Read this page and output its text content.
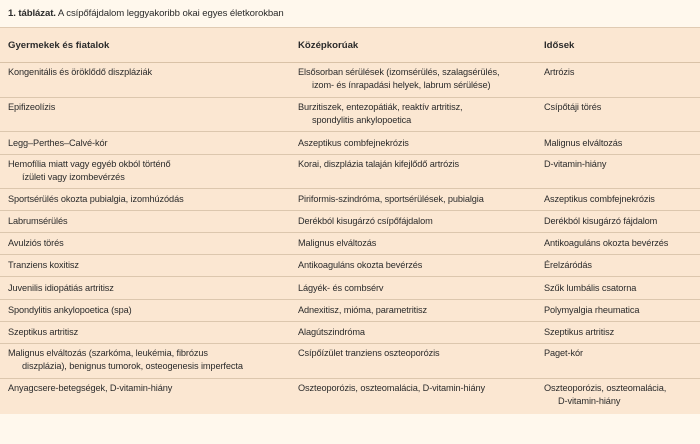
1. táblázat. A csípőfájdalom leggyakoribb okai egyes életkorokban
Gyermekek és fiatalok	Középkorúak	Idősek

Kongenitális és öröklődő diszpláziák	Elsősorban sérülések (izomsérülés, szalagsérülés,
izom- és ínrapadási helyek, labrum sérülése)	Artrózis

Epifizeolízis	Burzitiszek, entezopátiák, reaktív artritisz,
spondylitis ankylopoetica	Csípőtáji törés

Legg–Perthes–Calvé-kór	Aszeptikus combfejnekrózis	Malignus elváltozás

Hemofília miatt vagy egyéb okból történő
ízületi vagy izombevérzés	Korai, diszplázia talaján kifejlődő artrózis	D-vitamin-hiány

Sportsérülés okozta pubialgia, izomhúzódás	Piriformis-szindróma, sportsérülések, pubialgia	Aszeptikus combfejnekrózis

Labrumsérülés	Derékból kisugárzó csípőfájdalom	Derékból kisugárzó fájdalom

Avulziós törés	Malignus elváltozás	Antikoaguláns okozta bevérzés

Tranziens koxitisz	Antikoaguláns okozta bevérzés	Érelzáródás

Juvenilis idiopátiás artritisz	Lágyék- és combsérv	Szűk lumbális csatorna

Spondylitis ankylopoetica (spa)	Adnexitisz, mióma, parametritisz	Polymyalgia rheumatica

Szeptikus artritisz	Alagútszindróma	Szeptikus artritisz

Malignus elváltozás (szarkóma, leukémia, fibrózus
diszplázia), benignus tumorok, osteogenesis imperfecta	Csípőízület tranziens oszteoporózis	Paget-kór

Anyagcsere-betegségek, D-vitamin-hiány	Oszteoporózis, oszteomalácia, D-vitamin-hiány	Oszteoporózis, oszteomalácia,
D-vitamin-hiány
